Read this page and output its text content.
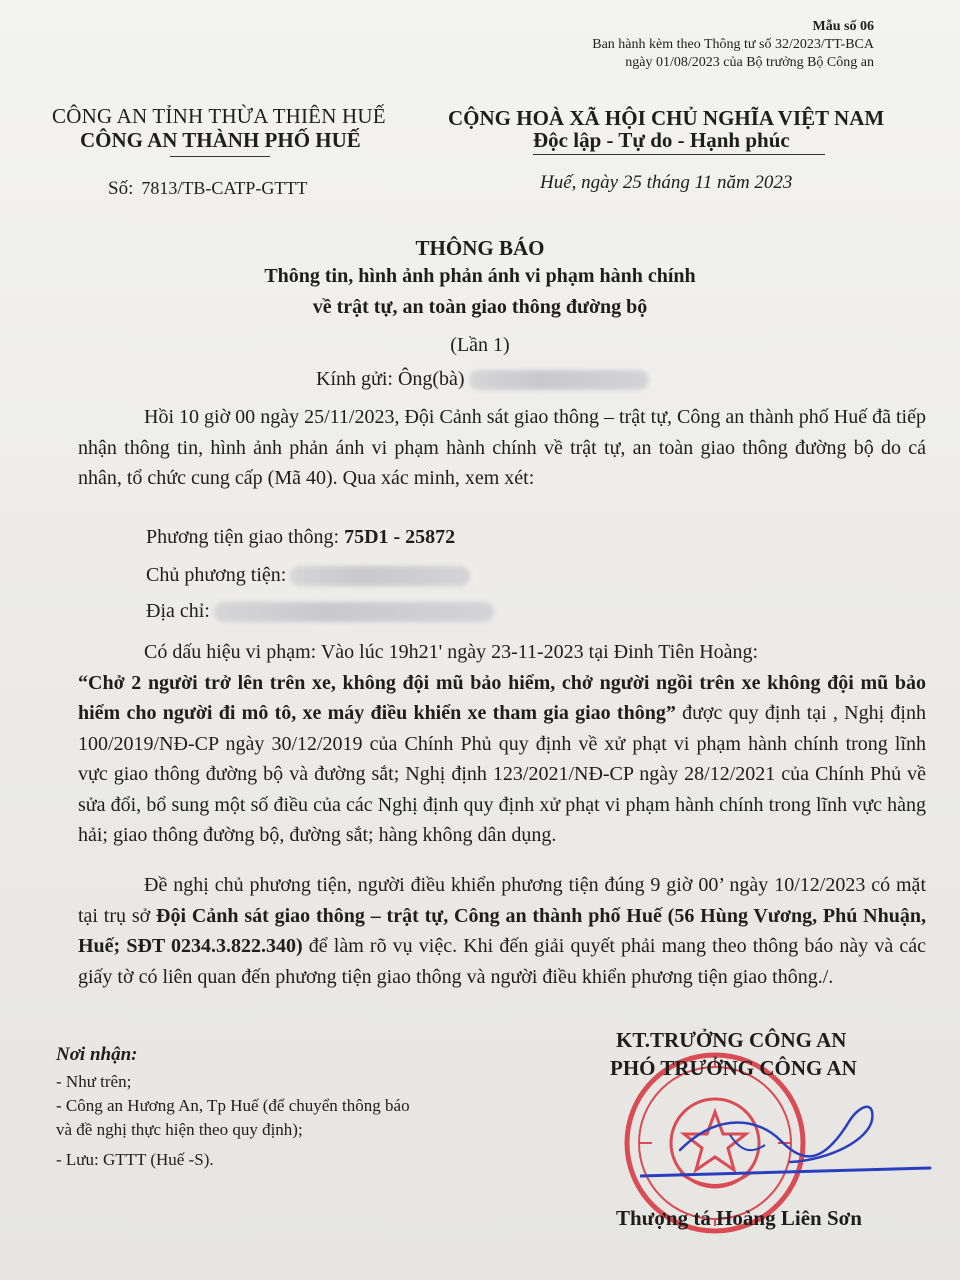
Mẫu số 06
Ban hành kèm theo Thông tư số 32/2023/TT-BCA
ngày 01/08/2023 của Bộ trưởng Bộ Công an
CÔNG AN TỈNH THỪA THIÊN HUẾ
CÔNG AN THÀNH PHỐ HUẾ
CỘNG HOÀ XÃ HỘI CHỦ NGHĨA VIỆT NAM
Độc lập - Tự do - Hạnh phúc
Số: 7813/TB-CATP-GTTT	Huế, ngày 25 tháng 11 năm 2023
THÔNG BÁO
Thông tin, hình ảnh phản ánh vi phạm hành chính
về trật tự, an toàn giao thông đường bộ
(Lần 1)
Kính gửi: Ông(bà)
Hồi 10 giờ 00 ngày 25/11/2023, Đội Cảnh sát giao thông – trật tự, Công an thành phố Huế đã tiếp nhận thông tin, hình ảnh phản ánh vi phạm hành chính về trật tự, an toàn giao thông đường bộ do cá nhân, tổ chức cung cấp (Mã 40). Qua xác minh, xem xét:
Phương tiện giao thông: 75D1 - 25872
Chủ phương tiện:
Địa chỉ:
Có dấu hiệu vi phạm: Vào lúc 19h21' ngày 23-11-2023 tại Đinh Tiên Hoàng:
“Chở 2 người trở lên trên xe, không đội mũ bảo hiểm, chở người ngồi trên xe không đội mũ bảo hiểm cho người đi mô tô, xe máy điều khiển xe tham gia giao thông” được quy định tại , Nghị định 100/2019/NĐ-CP ngày 30/12/2019 của Chính Phủ quy định về xử phạt vi phạm hành chính trong lĩnh vực giao thông đường bộ và đường sắt; Nghị định 123/2021/NĐ-CP ngày 28/12/2021 của Chính Phủ về sửa đổi, bổ sung một số điều của các Nghị định quy định xử phạt vi phạm hành chính trong lĩnh vực hàng hải; giao thông đường bộ, đường sắt; hàng không dân dụng.
Đề nghị chủ phương tiện, người điều khiển phương tiện đúng 9 giờ 00’ ngày 10/12/2023 có mặt tại trụ sở Đội Cảnh sát giao thông – trật tự, Công an thành phố Huế (56 Hùng Vương, Phú Nhuận, Huế; SĐT 0234.3.822.340) để làm rõ vụ việc. Khi đến giải quyết phải mang theo thông báo này và các giấy tờ có liên quan đến phương tiện giao thông và người điều khiển phương tiện giao thông./.
Nơi nhận:
- Như trên;
- Công an Hương An, Tp Huế (để chuyển thông báo
và đề nghị thực hiện theo quy định);
- Lưu: GTTT (Huế -S).
KT.TRƯỞNG CÔNG AN
PHÓ TRƯỞNG CÔNG AN
Thượng tá Hoàng Liên Sơn
